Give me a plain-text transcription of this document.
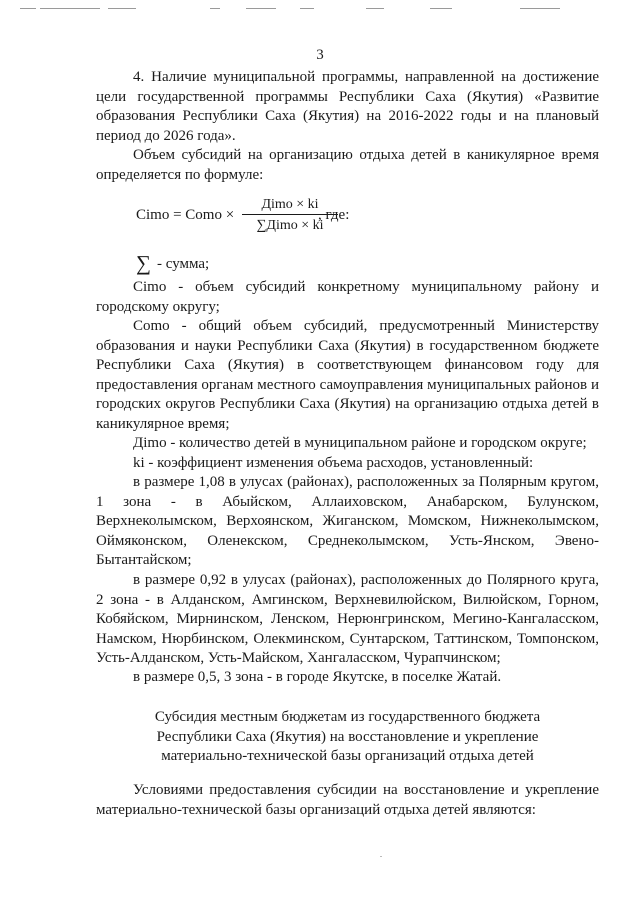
3

4. Наличие муниципальной программы, направленной на достижение цели государственной программы Республики Саха (Якутия) «Развитие образования Республики Саха (Якутия) на 2016-2022 годы и на плановый период до 2026 года».

Объем субсидий на организацию отдыха детей в каникулярное время определяется по формуле:

Cimo = Como ×
Дimo × ki
∑Дimo × ki
, где:
∑ - сумма;

Cimo - объем субсидий конкретному муниципальному району и городскому округу;

Como - общий объем субсидий, предусмотренный Министерству образования и науки Республики Саха (Якутия) в государственном бюджете Республики Саха (Якутия) в соответствующем финансовом году для предоставления органам местного самоуправления муниципальных районов и городских округов Республики Саха (Якутия) на организацию отдыха детей в каникулярное время;

Дimo - количество детей в муниципальном районе и городском округе;

ki - коэффициент изменения объема расходов, установленный:

в размере 1,08 в улусах (районах), расположенных за Полярным кругом, 1 зона - в Абыйском, Аллаиховском, Анабарском, Булунском, Верхнеколымском, Верхоянском, Жиганском, Момском, Нижнеколымском, Оймяконском, Оленекском, Среднеколымском, Усть-Янском, Эвено-Бытантайском;

в размере 0,92 в улусах (районах), расположенных до Полярного круга, 2 зона - в Алданском, Амгинском, Верхневилюйском, Вилюйском, Горном, Кобяйском, Мирнинском, Ленском, Нерюнгринском, Мегино-Кангаласском, Намском, Нюрбинском, Олекминском, Сунтарском, Таттинском, Томпонском, Усть-Алданском, Усть-Майском, Хангаласском, Чурапчинском;

в размере 0,5, 3 зона - в городе Якутске, в поселке Жатай.

Субсидия местным бюджетам из государственного бюджета
Республики Саха (Якутия) на восстановление и укрепление
материально-технической базы организаций отдыха детей

Условиями предоставления субсидии на восстановление и укрепление материально-технической базы организаций отдыха детей являются:
